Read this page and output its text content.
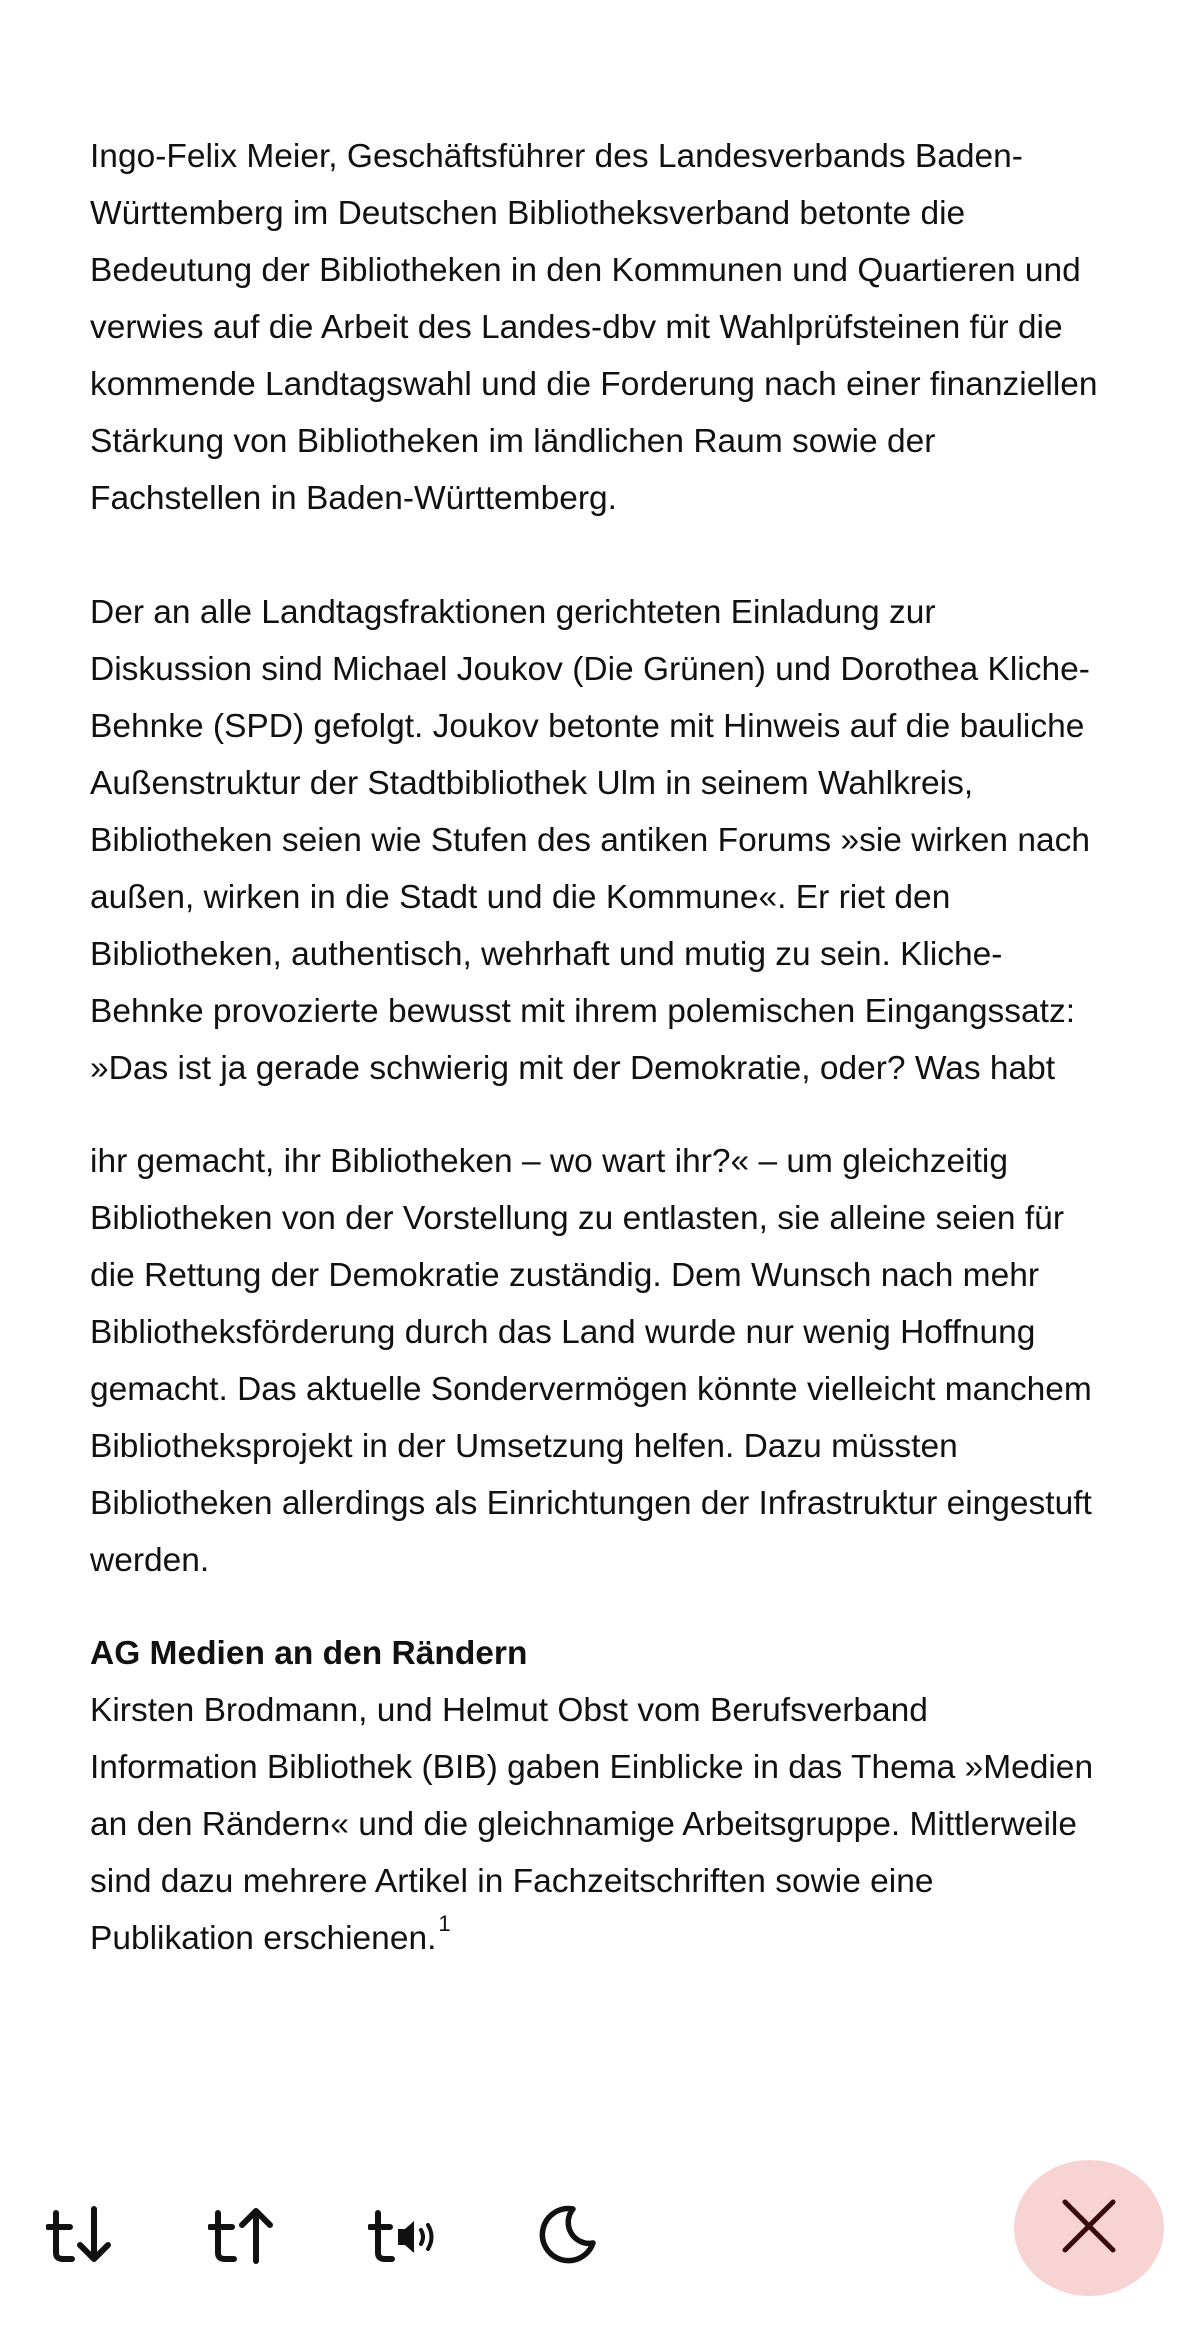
Ingo-Felix Meier, Geschäftsführer des Landesverbands Baden-Württemberg im Deutschen Bibliotheksverband betonte die Bedeutung der Bibliotheken in den Kommunen und Quartieren und verwies auf die Arbeit des Landes-dbv mit Wahlprüfsteinen für die kommende Landtagswahl und die Forderung nach einer finanziellen Stärkung von Bibliotheken im ländlichen Raum sowie der Fachstellen in Baden-Württemberg.

Der an alle Landtagsfraktionen gerichteten Einladung zur Diskussion sind Michael Joukov (Die Grünen) und Dorothea Kliche-Behnke (SPD) gefolgt. Joukov betonte mit Hinweis auf die bauliche Außenstruktur der Stadtbibliothek Ulm in seinem Wahlkreis, Bibliotheken seien wie Stufen des antiken Forums »sie wirken nach außen, wirken in die Stadt und die Kommune«. Er riet den Bibliotheken, authentisch, wehrhaft und mutig zu sein. Kliche-Behnke provozierte bewusst mit ihrem polemischen Eingangssatz: »Das ist ja gerade schwierig mit der Demokratie, oder? Was habt

ihr gemacht, ihr Bibliotheken – wo wart ihr?« – um gleichzeitig Bibliotheken von der Vorstellung zu entlasten, sie alleine seien für die Rettung der Demokratie zuständig. Dem Wunsch nach mehr Bibliotheksförderung durch das Land wurde nur wenig Hoffnung gemacht. Das aktuelle Sondervermögen könnte vielleicht manchem Bibliotheksprojekt in der Umsetzung helfen. Dazu müssten Bibliotheken allerdings als Einrichtungen der Infrastruktur eingestuft werden.

AG Medien an den Rändern

Kirsten Brodmann, und Helmut Obst vom Berufsverband Information Bibliothek (BIB) gaben Einblicke in das Thema »Medien an den Rändern« und die gleichnamige Arbeitsgruppe. Mittlerweile sind dazu mehrere Artikel in Fachzeitschriften sowie eine Publikation erschienen.$^1$
